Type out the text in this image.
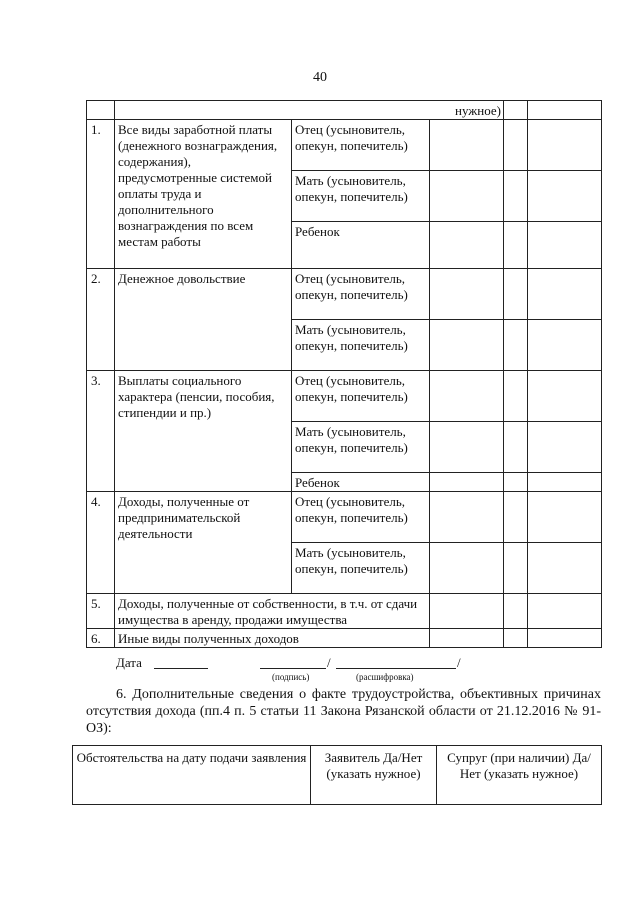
40
	нужное)				
1.	Все виды заработной платы (денежного вознаграждения, содержания), предусмотренные системой оплаты труда и дополнительного вознаграждения по всем местам работы	Отец (усыновитель, опекун, попечитель)			
		Мать (усыновитель, опекун, попечитель)			
		Ребенок			
2.	Денежное довольствие	Отец (усыновитель, опекун, попечитель)			
		Мать (усыновитель, опекун, попечитель)			
3.	Выплаты социального характера (пенсии, пособия, стипендии и пр.)	Отец (усыновитель, опекун, попечитель)			
		Мать (усыновитель, опекун, попечитель)			
		Ребенок			
4.	Доходы, полученные от предпринимательской деятельности	Отец (усыновитель, опекун, попечитель)			
		Мать (усыновитель, опекун, попечитель)			
5.	Доходы, полученные от собственности, в т.ч. от сдачи имущества в аренду, продажи имущества				
6.	Иные виды полученных доходов				
Дата	/	/
(подпись)	(расшифровка)

6. Дополнительные сведения о факте трудоустройства, объективных причинах отсутствия дохода (пп.4 п. 5 статьи 11 Закона Рязанской области от 21.12.2016 № 91-ОЗ):

Обстоятельства на дату подачи заявления	Заявитель Да/Нет (указать нужное)	Супруг (при наличии) Да/Нет (указать нужное)
